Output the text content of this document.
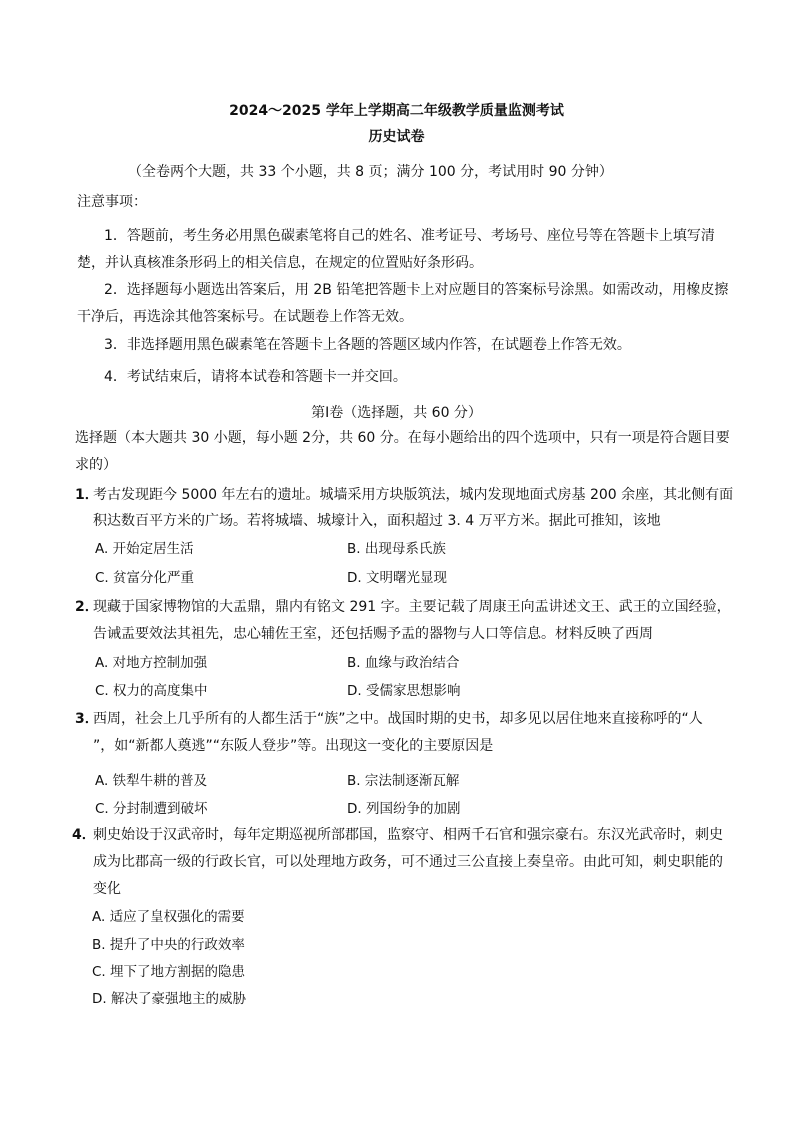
2024～2025 学年上学期高二年级教学质量监测考试
历史试卷
（全卷两个大题，共 33 个小题，共 8 页；满分 100 分，考试用时 90 分钟）
注意事项：
1．答题前，考生务必用黑色碳素笔将自己的姓名、准考证号、考场号、座位号等在答题卡上填写清
楚，并认真核准条形码上的相关信息，在规定的位置贴好条形码。
2．选择题每小题选出答案后，用 2B 铅笔把答题卡上对应题目的答案标号涂黑。如需改动，用橡皮擦
干净后，再选涂其他答案标号。在试题卷上作答无效。
3．非选择题用黑色碳素笔在答题卡上各题的答题区域内作答，在试题卷上作答无效。
4．考试结束后，请将本试卷和答题卡一并交回。
第Ⅰ卷（选择题，共 60 分）
选择题（本大题共 30 小题，每小题 2分，共 60 分。在每小题给出的四个选项中，只有一项是符合题目要
求的）
1．
考古发现距今 5000 年左右的遗址。城墙采用方块版筑法，城内发现地面式房基 200 余座，其北侧有面
积达数百平方米的广场。若将城墙、城壕计入，面积超过 3. 4 万平方米。据此可推知，该地
A. 开始定居生活	B. 出现母系氏族
C. 贫富分化严重	D. 文明曙光显现
2．
现藏于国家博物馆的大盂鼎，鼎内有铭文 291 字。主要记载了周康王向盂讲述文王、武王的立国经验，
告诫盂要效法其祖先，忠心辅佐王室，还包括赐予盂的器物与人口等信息。材料反映了西周
A. 对地方控制加强	B. 血缘与政治结合
C. 权力的高度集中	D. 受儒家思想影响
3．
西周，社会上几乎所有的人都生活于“族”之中。战国时期的史书，却多见以居住地来直接称呼的“人
”，如“新都人奠逃”“东阪人登步”等。出现这一变化的主要原因是
A. 铁犁牛耕的普及	B. 宗法制逐渐瓦解
C. 分封制遭到破坏	D. 列国纷争的加剧
4．
刺史始设于汉武帝时，每年定期巡视所部郡国，监察守、相两千石官和强宗豪右。东汉光武帝时，刺史
成为比郡高一级的行政长官，可以处理地方政务，可不通过三公直接上奏皇帝。由此可知，刺史职能的
变化
A. 适应了皇权强化的需要
B. 提升了中央的行政效率
C. 埋下了地方割据的隐患
D. 解决了豪强地主的威胁
